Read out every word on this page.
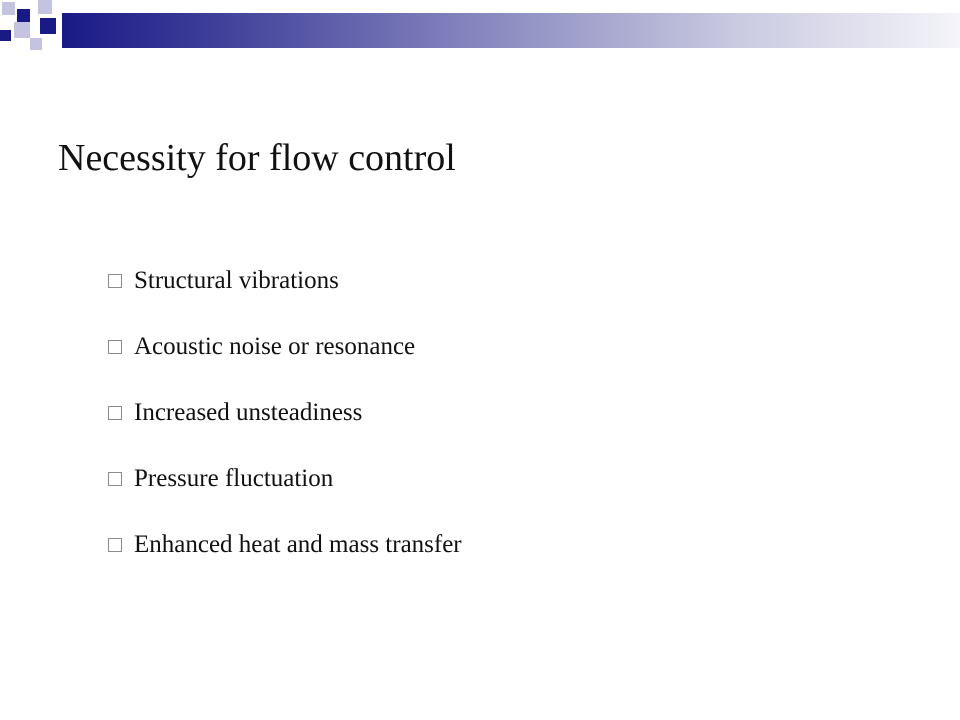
Necessity for flow control
Structural vibrations
Acoustic noise or resonance
Increased unsteadiness
Pressure fluctuation
Enhanced heat and mass transfer
